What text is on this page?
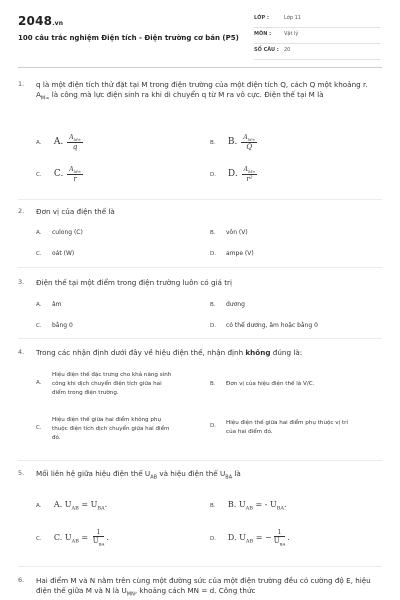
2048.vn
100 câu trắc nghiệm Điện tích - Điện trường cơ bản (P5)
LỚP :	Lớp 11
MÔN :	Vật lý
SỐ CÂU : 20
1. q là một điện tích thử đặt tại M trong điện trường của một điện tích Q, cách Q một khoảng r. $A_{M\infty}$ là công mà lực điện sinh ra khi di chuyển q từ M ra vô cực. Điện thế tại M là
A. A. $\frac{A_{M\infty}}{q}$	B. B. $\frac{A_{M\infty}}{Q}$
C. C. $\frac{A_{M\infty}}{r}$	D. D. $\frac{A_{M\infty}}{\text{r²}}$
2. Đơn vị của điện thế là
A. culong (C)	B. vôn (V)
C. oát (W)	D. ampe (V)
3. Điện thế tại một điểm trong điện trường luôn có giá trị
A. âm	B. dương
C. bằng 0	D. có thể dương, âm hoặc bằng 0
4. Trong các nhận định dưới đây về hiệu điện thế, nhận định không đúng là:
A.
Hiệu điện thế đặc trưng cho khả năng sinh
công khi dịch chuyển điện tích giữa hai
điểm trong điện trường.
B. Đơn vị của hiệu điện thế là V/C.
C.
Hiệu điện thế giữa hai điểm không phụ
thuộc điện tích dịch chuyển giữa hai điểm
đó.
D.	Hiệu điện thế giữa hai điểm phụ thuộc vị trí
của hai điểm đó.
5. Mối liên hệ giữa hiệu điện thế $U_{AB}$ và hiệu điện thế $U_{BA}$ là
A. A. $U_{AB} = U_{BA}$.	B. B. $U_{AB}$ = - $U_{BA}$.
C. C. $U_{AB} = \frac{1}{U_{BA}}$ .	D. D. $U_{AB}$ = − $\frac{1}{U_{BA}}$ .
6. Hai điểm M và N nằm trên cùng một đường sức của một điện trường đều có cường độ E, hiệu điện thế giữa M và N là $U_{MN}$, khoảng cách MN = d. Công thức
